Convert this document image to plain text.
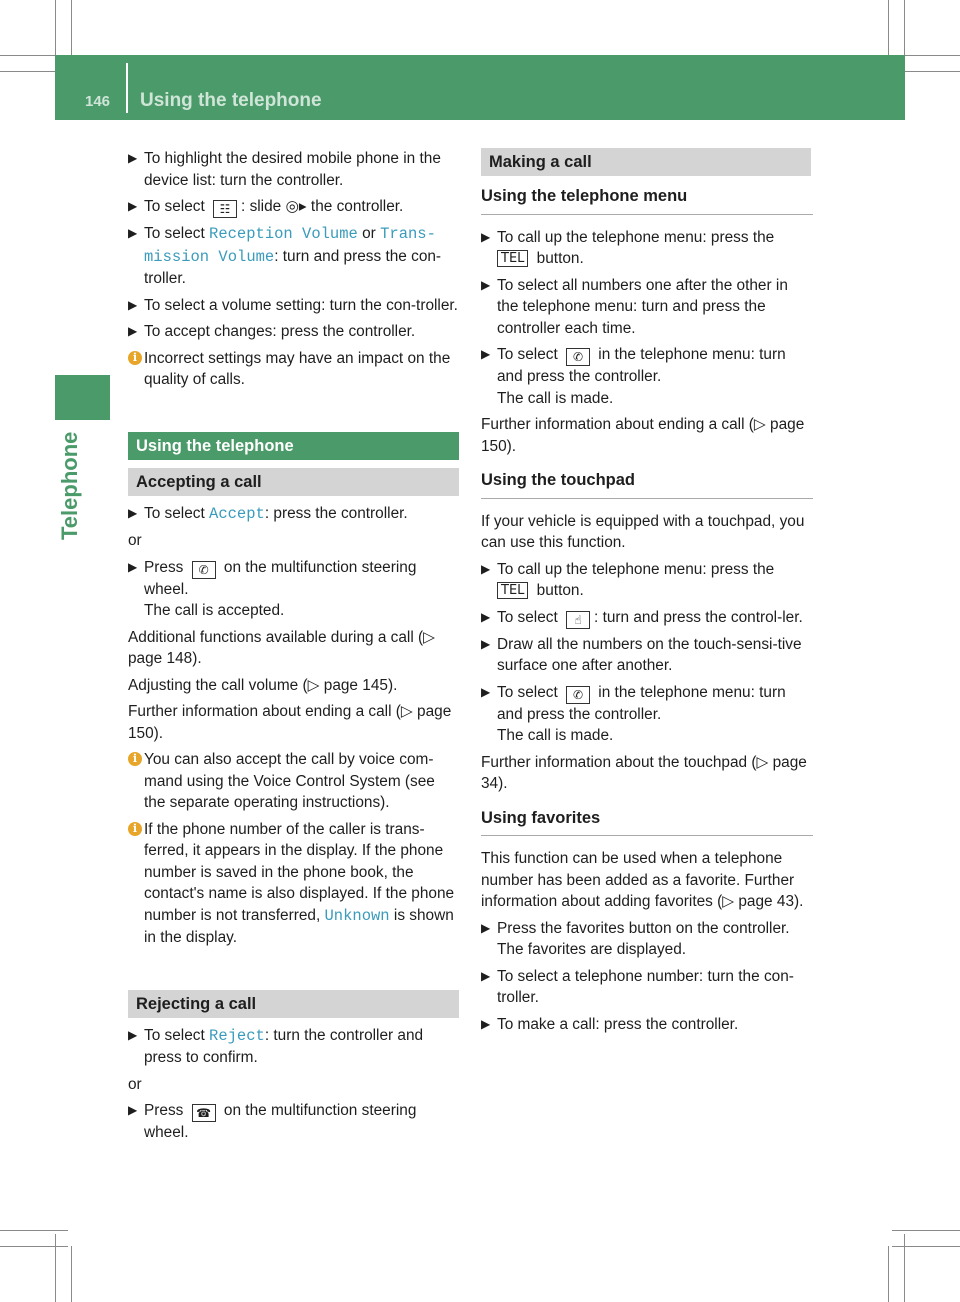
146 Using the telephone
Telephone
▶ To highlight the desired mobile phone in the device list: turn the controller.
▶ To select ☷ : slide ◎▸ the controller.
▶ To select Reception Volume or Trans-mission Volume: turn and press the con-troller.
▶ To select a volume setting: turn the con-troller.
▶ To accept changes: press the controller.
i Incorrect settings may have an impact on the quality of calls.
Using the telephone
Accepting a call
▶ To select Accept: press the controller.

or

▶ Press ✆ on the multifunction steering wheel.
The call is accepted.

Additional functions available during a call (▷ page 148).

Adjusting the call volume (▷ page 145).

Further information about ending a call (▷ page 150).

i You can also accept the call by voice com-mand using the Voice Control System (see the separate operating instructions).
i If the phone number of the caller is trans-ferred, it appears in the display. If the phone number is saved in the phone book, the contact's name is also displayed. If the phone number is not transferred, Unknown is shown in the display.
Rejecting a call
▶ To select Reject: turn the controller and press to confirm.

or

▶ Press ☎ on the multifunction steering wheel.
Making a call
Using the telephone menu
▶ To call up the telephone menu: press the TEL button.
▶ To select all numbers one after the other in the telephone menu: turn and press the controller each time.
▶ To select ✆ in the telephone menu: turn and press the controller.
The call is made.

Further information about ending a call (▷ page 150).

Using the touchpad

If your vehicle is equipped with a touchpad, you can use this function.

▶ To call up the telephone menu: press the TEL button.
▶ To select ☝ : turn and press the control-ler.
▶ Draw all the numbers on the touch-sensi-tive surface one after another.
▶ To select ✆ in the telephone menu: turn and press the controller.
The call is made.

Further information about the touchpad (▷ page 34).

Using favorites

This function can be used when a telephone number has been added as a favorite. Further information about adding favorites (▷ page 43).

▶ Press the favorites button on the controller.
The favorites are displayed.
▶ To select a telephone number: turn the con-troller.
▶ To make a call: press the controller.
